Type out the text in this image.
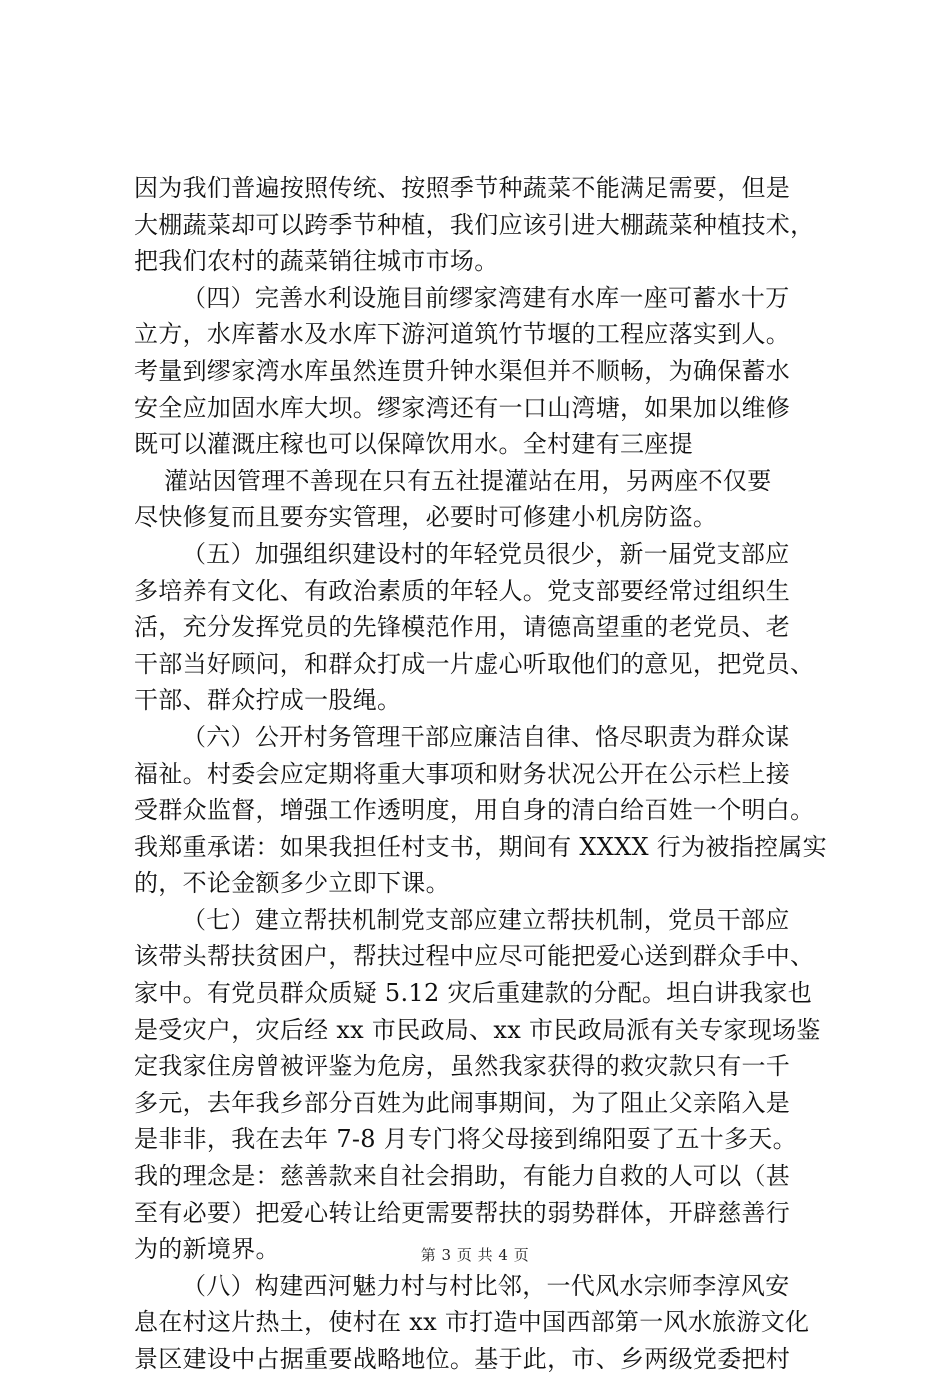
因为我们普遍按照传统、按照季节种蔬菜不能满足需要，但是
大棚蔬菜却可以跨季节种植，我们应该引进大棚蔬菜种植技术，
把我们农村的蔬菜销往城市市场。
（四）完善水利设施目前缪家湾建有水库一座可蓄水十万
立方，水库蓄水及水库下游河道筑竹节堰的工程应落实到人。
考量到缪家湾水库虽然连贯升钟水渠但并不顺畅，为确保蓄水
安全应加固水库大坝。缪家湾还有一口山湾塘，如果加以维修
既可以灌溉庄稼也可以保障饮用水。全村建有三座提
灌站因管理不善现在只有五社提灌站在用，另两座不仅要
尽快修复而且要夯实管理，必要时可修建小机房防盗。
（五）加强组织建设村的年轻党员很少，新一届党支部应
多培养有文化、有政治素质的年轻人。党支部要经常过组织生
活，充分发挥党员的先锋模范作用，请德高望重的老党员、老
干部当好顾问，和群众打成一片虚心听取他们的意见，把党员、
干部、群众拧成一股绳。
（六）公开村务管理干部应廉洁自律、恪尽职责为群众谋
福祉。村委会应定期将重大事项和财务状况公开在公示栏上接
受群众监督，增强工作透明度，用自身的清白给百姓一个明白。
我郑重承诺：如果我担任村支书，期间有 XXXX 行为被指控属实
的，不论金额多少立即下课。
（七）建立帮扶机制党支部应建立帮扶机制，党员干部应
该带头帮扶贫困户，帮扶过程中应尽可能把爱心送到群众手中、
家中。有党员群众质疑 5.12 灾后重建款的分配。坦白讲我家也
是受灾户，灾后经 xx 市民政局、xx 市民政局派有关专家现场鉴
定我家住房曾被评鉴为危房，虽然我家获得的救灾款只有一千
多元，去年我乡部分百姓为此闹事期间，为了阻止父亲陷入是
是非非，我在去年 7-8 月专门将父母接到绵阳耍了五十多天。
我的理念是：慈善款来自社会捐助，有能力自救的人可以（甚
至有必要）把爱心转让给更需要帮扶的弱势群体，开辟慈善行
为的新境界。
（八）构建西河魅力村与村比邻，一代风水宗师李淳风安
息在村这片热土，使村在 xx 市打造中国西部第一风水旅游文化
景区建设中占据重要战略地位。基于此，市、乡两级党委把村
第 3 页 共 4 页
